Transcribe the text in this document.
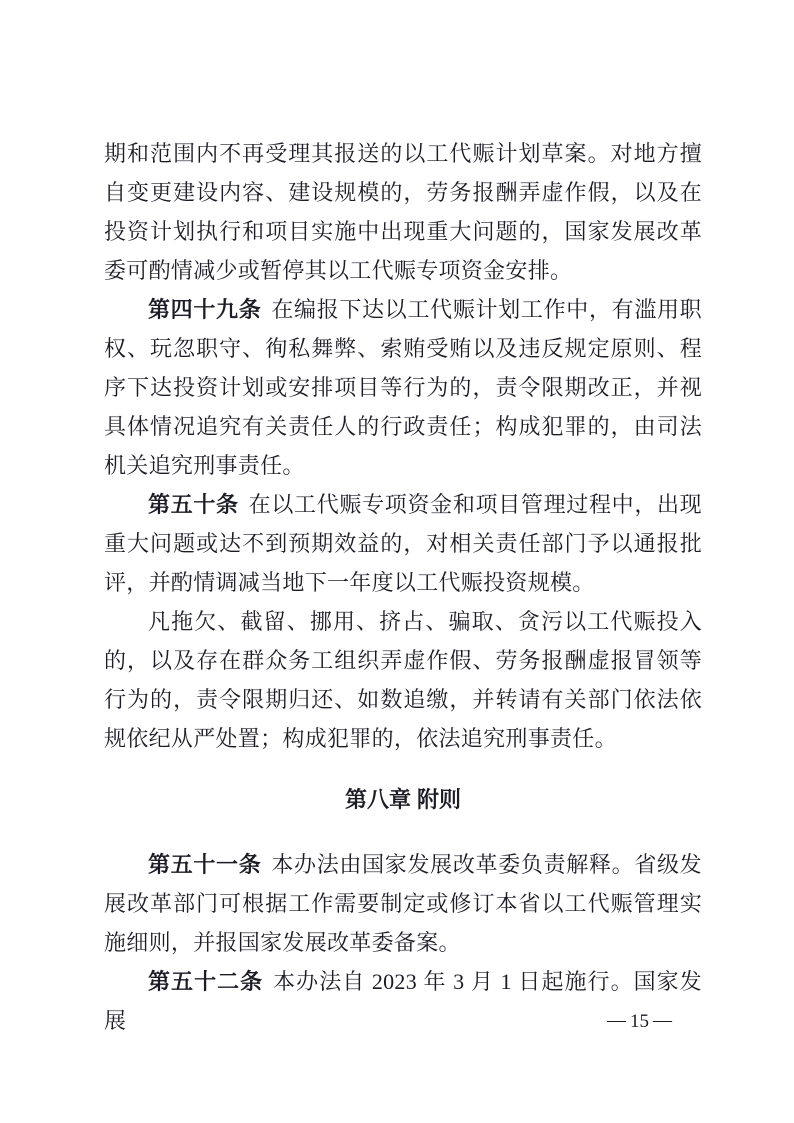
期和范围内不再受理其报送的以工代赈计划草案。对地方擅自变更建设内容、建设规模的，劳务报酬弄虚作假，以及在投资计划执行和项目实施中出现重大问题的，国家发展改革委可酌情减少或暂停其以工代赈专项资金安排。

第四十九条 在编报下达以工代赈计划工作中，有滥用职权、玩忽职守、徇私舞弊、索贿受贿以及违反规定原则、程序下达投资计划或安排项目等行为的，责令限期改正，并视具体情况追究有关责任人的行政责任；构成犯罪的，由司法机关追究刑事责任。

第五十条 在以工代赈专项资金和项目管理过程中，出现重大问题或达不到预期效益的，对相关责任部门予以通报批评，并酌情调减当地下一年度以工代赈投资规模。

凡拖欠、截留、挪用、挤占、骗取、贪污以工代赈投入的，以及存在群众务工组织弄虚作假、劳务报酬虚报冒领等行为的，责令限期归还、如数追缴，并转请有关部门依法依规依纪从严处置；构成犯罪的，依法追究刑事责任。

第八章 附则

第五十一条 本办法由国家发展改革委负责解释。省级发展改革部门可根据工作需要制定或修订本省以工代赈管理实施细则，并报国家发展改革委备案。

第五十二条 本办法自 2023 年 3 月 1 日起施行。国家发展	— 15 —
